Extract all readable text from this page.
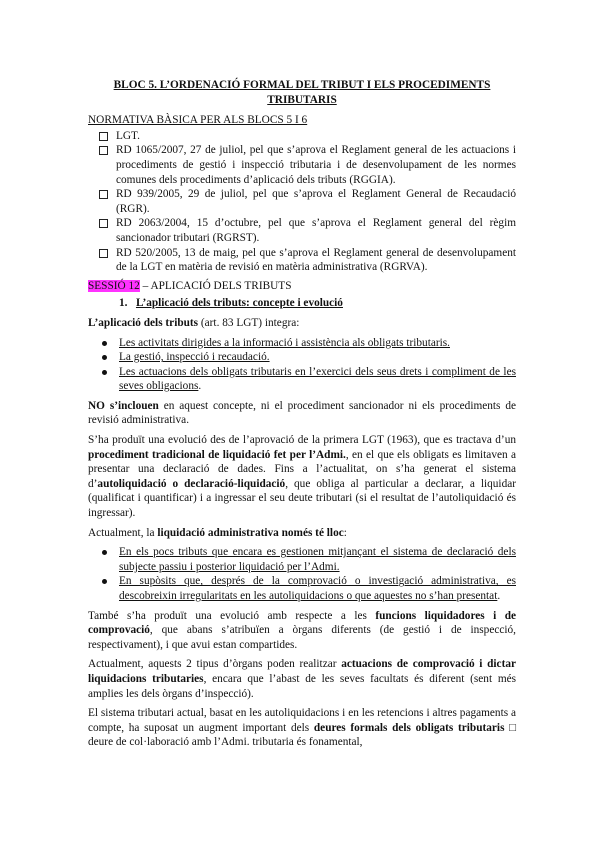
BLOC 5. L’ORDENACIÓ FORMAL DEL TRIBUT I ELS PROCEDIMENTS TRIBUTARIS
NORMATIVA BÀSICA PER ALS BLOCS 5 I 6
LGT.
RD 1065/2007, 27 de juliol, pel que s’aprova el Reglament general de les actuacions i procediments de gestió i inspecció tributaria i de desenvolupament de les normes comunes dels procediments d’aplicació dels tributs (RGGIA).
RD 939/2005, 29 de juliol, pel que s’aprova el Reglament General de Recaudació (RGR).
RD 2063/2004, 15 d’octubre, pel que s’aprova el Reglament general del règim sancionador tributari (RGRST).
RD 520/2005, 13 de maig, pel que s’aprova el Reglament general de desenvolupament de la LGT en matèria de revisió en matèria administrativa (RGRVA).
SESSIÓ 12 – APLICACIÓ DELS TRIBUTS
1. L’aplicació dels tributs: concepte i evolució

L’aplicació dels tributs (art. 83 LGT) integra:

Les activitats dirigides a la informació i assistència als obligats tributaris.
La gestió, inspecció i recaudació.
Les actuacions dels obligats tributaris en l’exercici dels seus drets i compliment de les seves obligacions.

NO s’inclouen en aquest concepte, ni el procediment sancionador ni els procediments de revisió administrativa.

S’ha produït una evolució des de l’aprovació de la primera LGT (1963), que es tractava d’un procediment tradicional de liquidació fet per l’Admi., en el que els obligats es limitaven a presentar una declaració de dades. Fins a l’actualitat, on s’ha generat el sistema d’autoliquidació o declaració-liquidació, que obliga al particular a declarar, a liquidar (qualificat i quantificar) i a ingressar el seu deute tributari (si el resultat de l’autoliquidació és ingressar).

Actualment, la liquidació administrativa només té lloc:

En els pocs tributs que encara es gestionen mitjançant el sistema de declaració dels subjecte passiu i posterior liquidació per l’Admi.
En supòsits que, després de la comprovació o investigació administrativa, es descobreixin irregularitats en les autoliquidacions o que aquestes no s’han presentat.

També s’ha produït una evolució amb respecte a les funcions liquidadores i de comprovació, que abans s’atribuïen a òrgans diferents (de gestió i de inspecció, respectivament), i que avui estan compartides.

Actualment, aquests 2 tipus d’òrgans poden realitzar actuacions de comprovació i dictar liquidacions tributaries, encara que l’abast de les seves facultats és diferent (sent més amplies les dels òrgans d’inspecció).

El sistema tributari actual, basat en les autoliquidacions i en les retencions i altres pagaments a compte, ha suposat un augment important dels deures formals dels obligats tributaris □ deure de col·laboració amb l’Admi. tributaria és fonamental,
